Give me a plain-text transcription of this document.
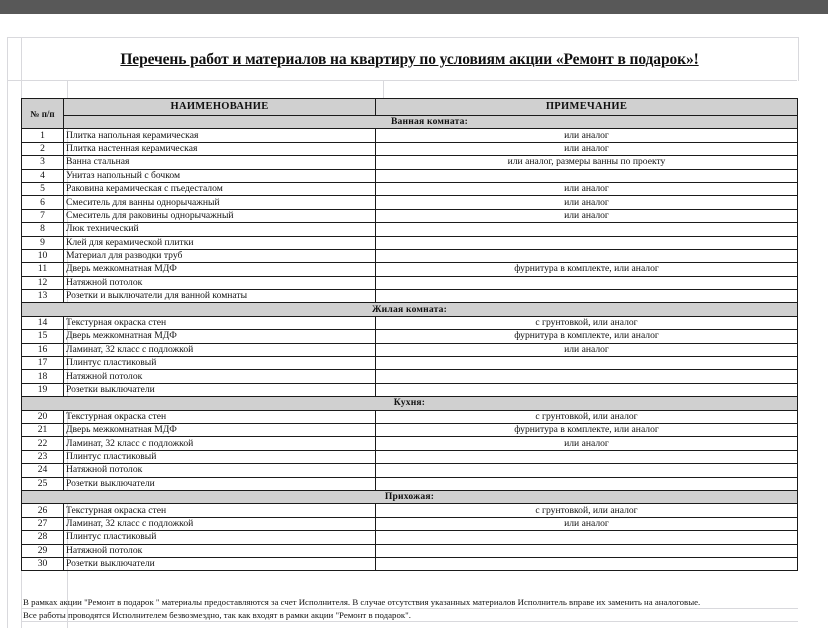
Перечень работ и материалов на квартиру по условиям акции «Ремонт в подарок»!
№ п/п	НАИМЕНОВАНИЕ	ПРИМЕЧАНИЕ
	Ванная комната:	
1	Плитка напольная керамическая	или аналог
2	Плитка настенная керамическая	или аналог
3	Ванна стальная	или аналог, размеры ванны по проекту
4	Унитаз напольный с бочком	
5	Раковина керамическая с пъедесталом	или аналог
6	Смеситель для ванны однорычажный	или аналог
7	Смеситель для раковины однорычажный	или аналог
8	Люк технический	
9	Клей для керамической плитки	
10	Материал для разводки труб	
11	Дверь межкомнатная МДФ	фурнитура в комплекте, или аналог
12	Натяжной потолок	
13	Розетки и выключатели для ванной комнаты	
Жилая комната:		
14	Текстурная окраска стен	с грунтовкой, или аналог
15	Дверь межкомнатная МДФ	фурнитура в комплекте, или аналог
16	Ламинат, 32 класс с подложкой	или аналог
17	Плинтус пластиковый	
18	Натяжной потолок	
19	Розетки выключатели	
Кухня:		
20	Текстурная окраска стен	с грунтовкой, или аналог
21	Дверь межкомнатная МДФ	фурнитура в комплекте, или аналог
22	Ламинат, 32 класс с подложкой	или аналог
23	Плинтус пластиковый	
24	Натяжной потолок	
25	Розетки выключатели	
Прихожая:		
26	Текстурная окраска стен	с грунтовкой, или аналог
27	Ламинат, 32 класс с подложкой	или аналог
28	Плинтус пластиковый	
29	Натяжной потолок	
30	Розетки выключатели	
В рамках акции "Ремонт в подарок " материалы предоставляются за счет Исполнителя. В случае отсутствия указанных материалов Исполнитель вправе их заменить на аналоговые.
Все работы проводятся Исполнителем безвозмездно, так как входят в рамки акции "Ремонт в подарок".
